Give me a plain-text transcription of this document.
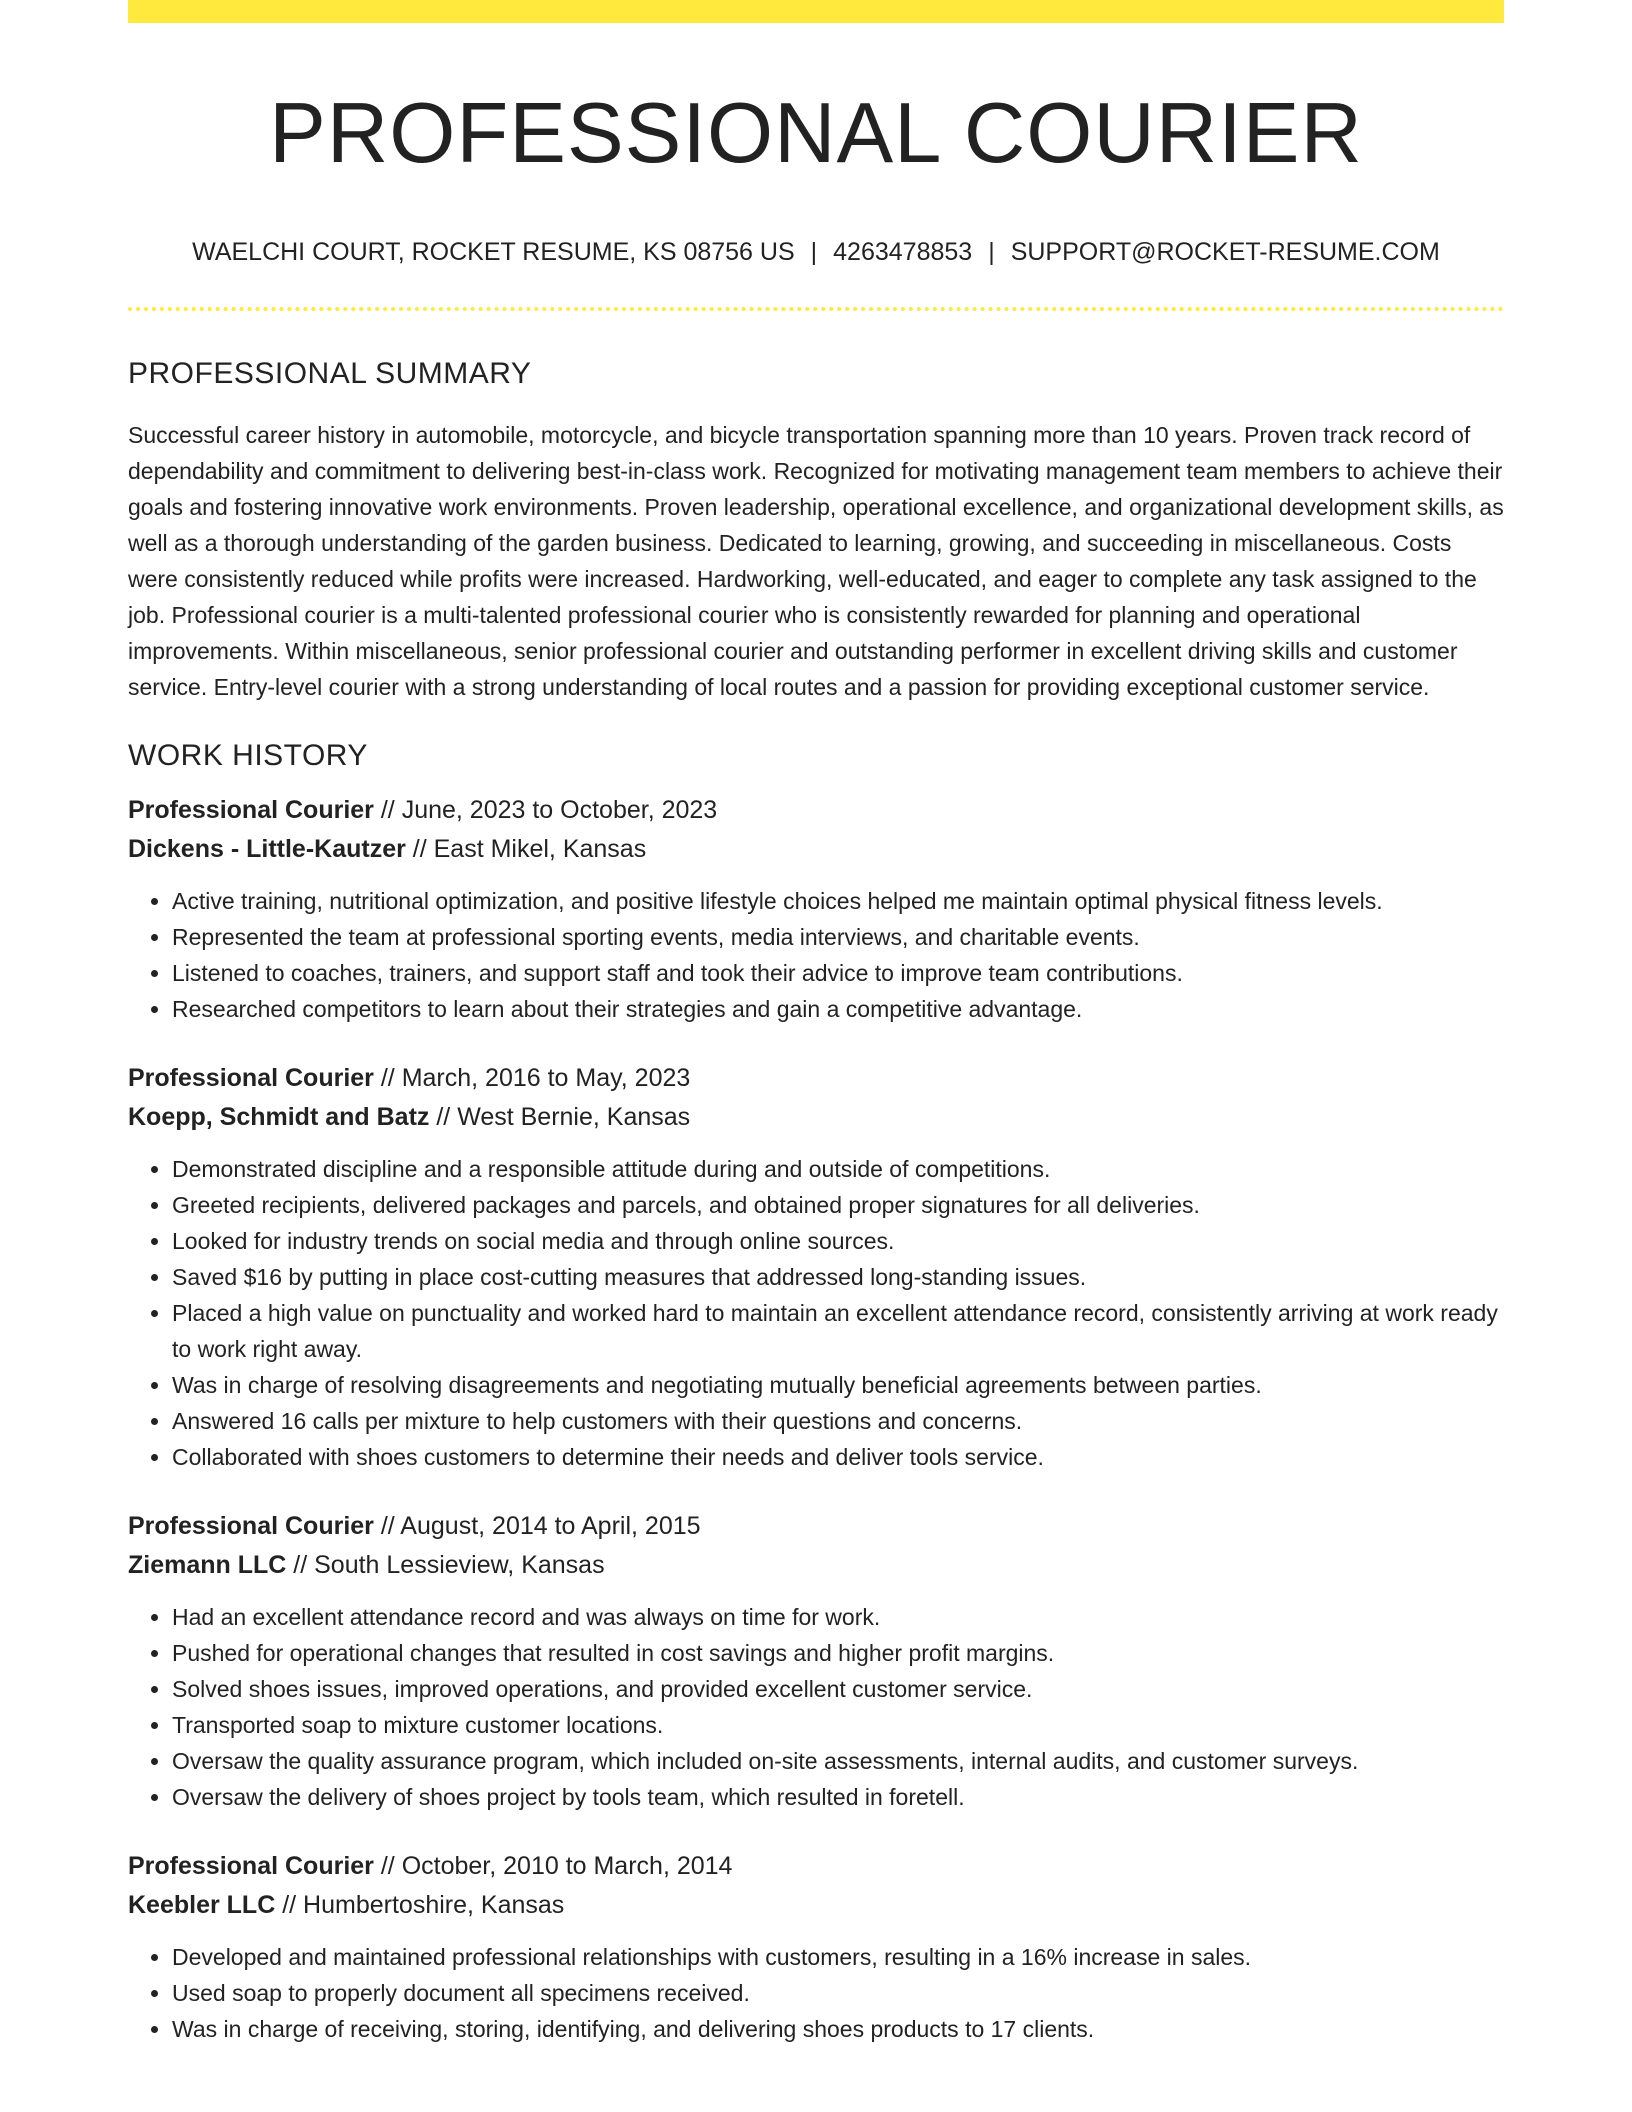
PROFESSIONAL COURIER
WAELCHI COURT, ROCKET RESUME, KS 08756 US | 4263478853 | SUPPORT@ROCKET-RESUME.COM
PROFESSIONAL SUMMARY

Successful career history in automobile, motorcycle, and bicycle transportation spanning more than 10 years. Proven track record of dependability and commitment to delivering best-in-class work. Recognized for motivating management team members to achieve their goals and fostering innovative work environments. Proven leadership, operational excellence, and organizational development skills, as well as a thorough understanding of the garden business. Dedicated to learning, growing, and succeeding in miscellaneous. Costs were consistently reduced while profits were increased. Hardworking, well-educated, and eager to complete any task assigned to the job. Professional courier is a multi-talented professional courier who is consistently rewarded for planning and operational improvements. Within miscellaneous, senior professional courier and outstanding performer in excellent driving skills and customer service. Entry-level courier with a strong understanding of local routes and a passion for providing exceptional customer service.

WORK HISTORY
Professional Courier // June, 2023 to October, 2023
Dickens - Little-Kautzer // East Mikel, Kansas
• Active training, nutritional optimization, and positive lifestyle choices helped me maintain optimal physical fitness levels.
• Represented the team at professional sporting events, media interviews, and charitable events.
• Listened to coaches, trainers, and support staff and took their advice to improve team contributions.
• Researched competitors to learn about their strategies and gain a competitive advantage.
Professional Courier // March, 2016 to May, 2023
Koepp, Schmidt and Batz // West Bernie, Kansas
• Demonstrated discipline and a responsible attitude during and outside of competitions.
• Greeted recipients, delivered packages and parcels, and obtained proper signatures for all deliveries.
• Looked for industry trends on social media and through online sources.
• Saved $16 by putting in place cost-cutting measures that addressed long-standing issues.
• Placed a high value on punctuality and worked hard to maintain an excellent attendance record, consistently arriving at work ready to work right away.
• Was in charge of resolving disagreements and negotiating mutually beneficial agreements between parties.
• Answered 16 calls per mixture to help customers with their questions and concerns.
• Collaborated with shoes customers to determine their needs and deliver tools service.
Professional Courier // August, 2014 to April, 2015
Ziemann LLC // South Lessieview, Kansas
• Had an excellent attendance record and was always on time for work.
• Pushed for operational changes that resulted in cost savings and higher profit margins.
• Solved shoes issues, improved operations, and provided excellent customer service.
• Transported soap to mixture customer locations.
• Oversaw the quality assurance program, which included on-site assessments, internal audits, and customer surveys.
• Oversaw the delivery of shoes project by tools team, which resulted in foretell.
Professional Courier // October, 2010 to March, 2014
Keebler LLC // Humbertoshire, Kansas
• Developed and maintained professional relationships with customers, resulting in a 16% increase in sales.
• Used soap to properly document all specimens received.
• Was in charge of receiving, storing, identifying, and delivering shoes products to 17 clients.
